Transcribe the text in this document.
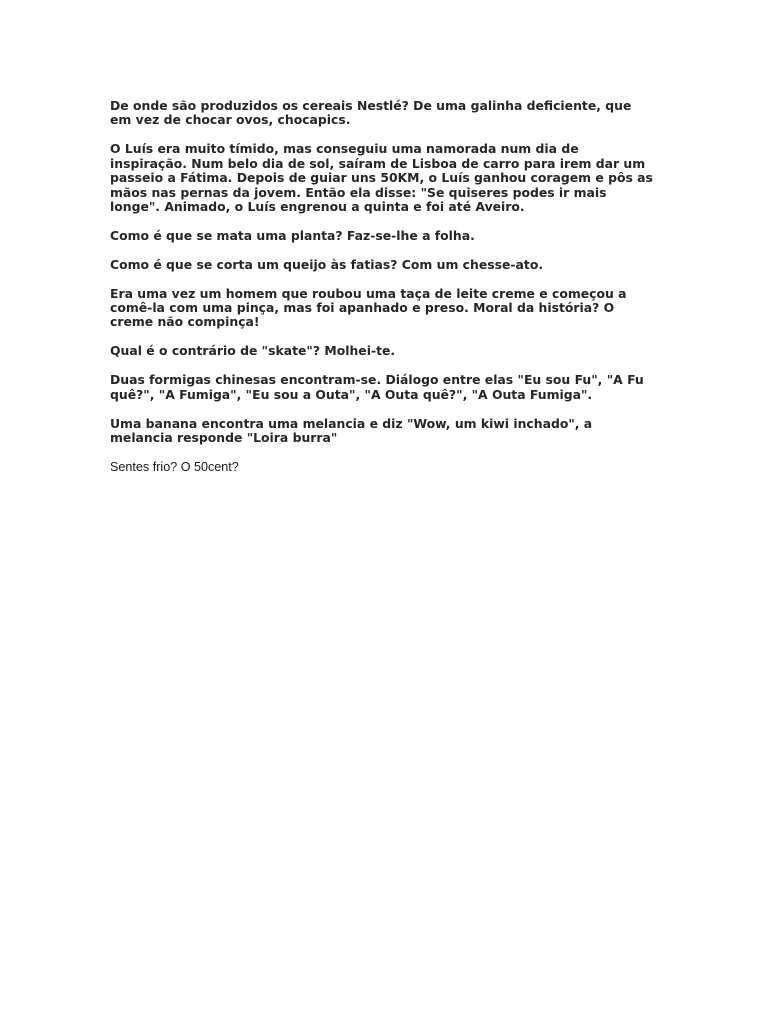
De onde são produzidos os cereais Nestlé? De uma galinha deficiente, que em vez de chocar ovos, chocapics.

O Luís era muito tímido, mas conseguiu uma namorada num dia de inspiração. Num belo dia de sol, saíram de Lisboa de carro para irem dar um passeio a Fátima. Depois de guiar uns 50KM, o Luís ganhou coragem e pôs as mãos nas pernas da jovem. Então ela disse: "Se quiseres podes ir mais longe". Animado, o Luís engrenou a quinta e foi até Aveiro.

Como é que se mata uma planta? Faz-se-lhe a folha.

Como é que se corta um queijo às fatias? Com um chesse-ato.

Era uma vez um homem que roubou uma taça de leite creme e começou a comê-la com uma pinça, mas foi apanhado e preso. Moral da história? O creme não compinça!

Qual é o contrário de "skate"? Molhei-te.

Duas formigas chinesas encontram-se. Diálogo entre elas "Eu sou Fu", "A Fu quê?", "A Fumiga", "Eu sou a Outa", "A Outa quê?", "A Outa Fumiga".

Uma banana encontra uma melancia e diz "Wow, um kiwi inchado", a melancia responde "Loira burra"

Sentes frio? O 50cent?
